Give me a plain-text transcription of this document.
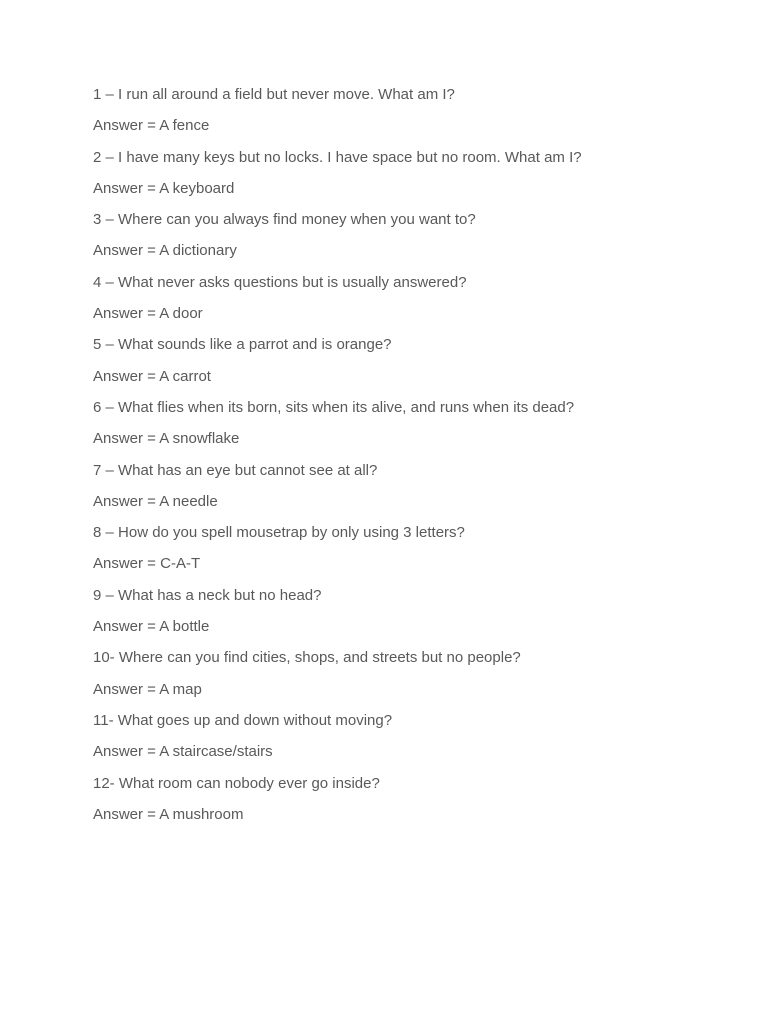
1 – I run all around a field but never move. What am I?
Answer = A fence
2 – I have many keys but no locks. I have space but no room. What am I?
Answer = A keyboard
3 – Where can you always find money when you want to?
Answer = A dictionary
4 – What never asks questions but is usually answered?
Answer = A door
5 – What sounds like a parrot and is orange?
Answer = A carrot
6 – What flies when its born, sits when its alive, and runs when its dead?
Answer = A snowflake
7 – What has an eye but cannot see at all?
Answer = A needle
8 – How do you spell mousetrap by only using 3 letters?
Answer = C-A-T
9 – What has a neck but no head?
Answer = A bottle
10- Where can you find cities, shops, and streets but no people?
Answer = A map
11- What goes up and down without moving?
Answer = A staircase/stairs
12- What room can nobody ever go inside?
Answer = A mushroom
